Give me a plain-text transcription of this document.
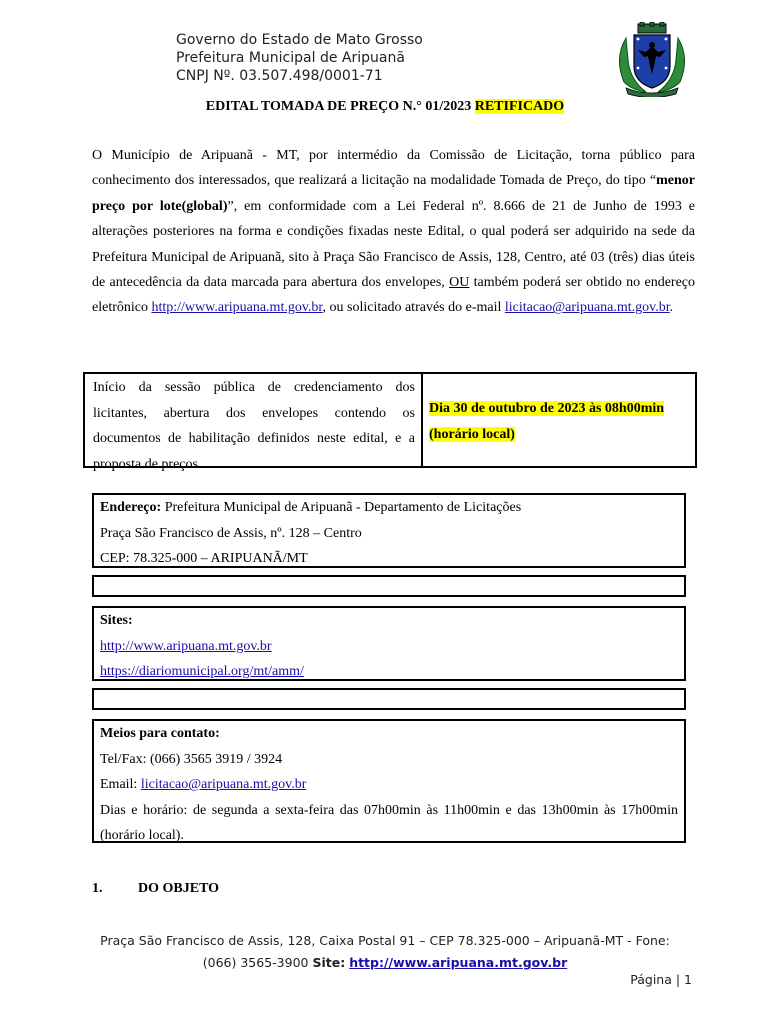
Governo do Estado de Mato Grosso
Prefeitura Municipal de Aripuanã
CNPJ Nº. 03.507.498/0001-71
EDITAL TOMADA DE PREÇO N.° 01/2023 RETIFICADO
O Município de Aripuanã - MT, por intermédio da Comissão de Licitação, torna público para conhecimento dos interessados, que realizará a licitação na modalidade Tomada de Preço, do tipo “menor preço por lote(global)”, em conformidade com a Lei Federal nº. 8.666 de 21 de Junho de 1993 e alterações posteriores na forma e condições fixadas neste Edital, o qual poderá ser adquirido na sede da Prefeitura Municipal de Aripuanã, sito à Praça São Francisco de Assis, 128, Centro, até 03 (três) dias úteis de antecedência da data marcada para abertura dos envelopes, OU também poderá ser obtido no endereço eletrônico http://www.aripuana.mt.gov.br, ou solicitado através do e-mail licitacao@aripuana.mt.gov.br.
Início da sessão pública de credenciamento dos licitantes, abertura dos envelopes contendo os documentos de habilitação definidos neste edital, e a proposta de preços.
Dia 30 de outubro de 2023 às 08h00min
(horário local)
Endereço: Prefeitura Municipal de Aripuanã - Departamento de Licitações
Praça São Francisco de Assis, nº. 128 – Centro
CEP: 78.325-000 – ARIPUANÃ/MT
Sites:
http://www.aripuana.mt.gov.br
https://diariomunicipal.org/mt/amm/
Meios para contato:
Tel/Fax: (066) 3565 3919 / 3924
Email: licitacao@aripuana.mt.gov.br
Dias e horário: de segunda a sexta-feira das 07h00min às 11h00min e das 13h00min às 17h00min (horário local).
1.	DO OBJETO
Praça São Francisco de Assis, 128, Caixa Postal 91 – CEP 78.325-000 – Aripuanã-MT - Fone:
(066) 3565-3900 Site: http://www.aripuana.mt.gov.br
Página | 1
